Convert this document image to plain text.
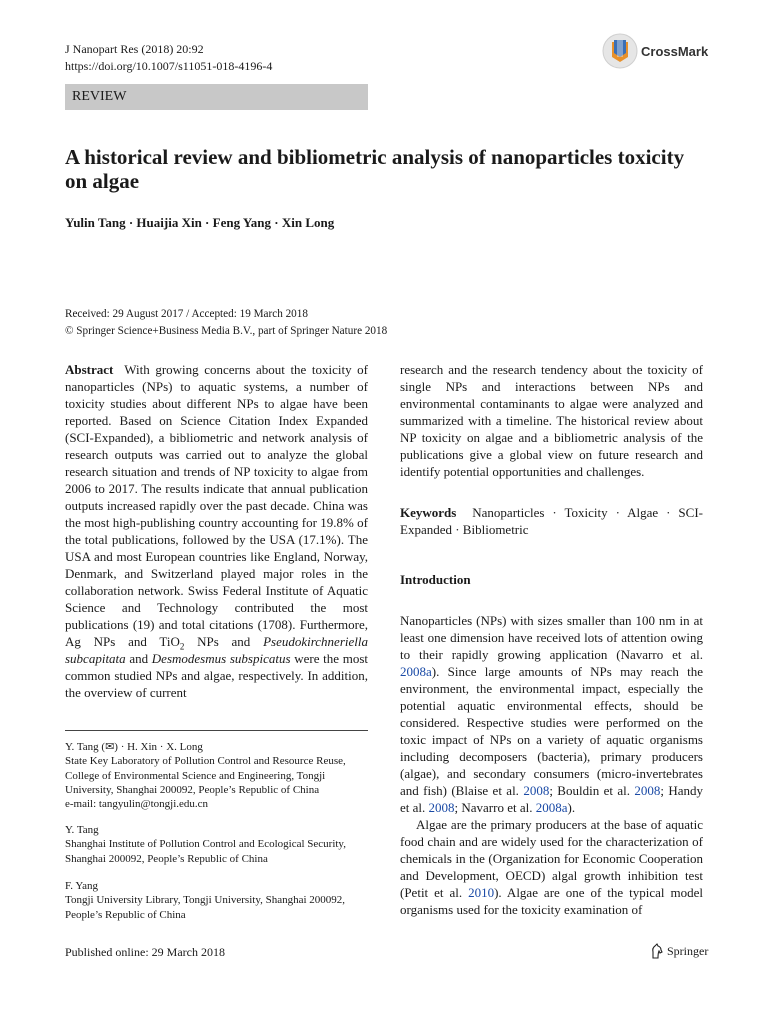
J Nanopart Res (2018) 20:92
https://doi.org/10.1007/s11051-018-4196-4
CrossMark
REVIEW
A historical review and bibliometric analysis of nanoparticles toxicity on algae
Yulin Tang · Huaijia Xin · Feng Yang · Xin Long
Received: 29 August 2017 / Accepted: 19 March 2018
© Springer Science+Business Media B.V., part of Springer Nature 2018

Abstract With growing concerns about the toxicity of nanoparticles (NPs) to aquatic systems, a number of toxicity studies about different NPs to algae have been reported. Based on Science Citation Index Expanded (SCI-Expanded), a bibliometric and network analysis of research outputs was carried out to analyze the global research situation and trends of NP toxicity to algae from 2006 to 2017. The results indicate that annual publication outputs increased rapidly over the past decade. China was the most high-publishing country accounting for 19.8% of the total publications, followed by the USA (17.1%). The USA and most European countries like England, Norway, Denmark, and Switzerland played major roles in the collaboration network. Swiss Federal Institute of Aquatic Science and Technology contributed the most publications (19) and total citations (1708). Furthermore, Ag NPs and TiO$_2$ NPs and Pseudokirchneriella subcapitata and Desmodesmus subspicatus were the most common studied NPs and algae, respectively. In addition, the overview of current

Y. Tang (✉) · H. Xin · X. Long

State Key Laboratory of Pollution Control and Resource Reuse, College of Environmental Science and Engineering, Tongji University, Shanghai 200092, People’s Republic of China

e-mail: tangyulin@tongji.edu.cn

Y. Tang

Shanghai Institute of Pollution Control and Ecological Security, Shanghai 200092, People’s Republic of China

F. Yang

Tongji University Library, Tongji University, Shanghai 200092, People’s Republic of China

research and the research tendency about the toxicity of single NPs and interactions between NPs and environmental contaminants to algae were analyzed and summarized with a timeline. The historical review about NP toxicity on algae and a bibliometric analysis of the publications give a global view on future research and identify potential opportunities and challenges.

Keywords Nanoparticles · Toxicity · Algae · SCI-Expanded · Bibliometric

Introduction

Nanoparticles (NPs) with sizes smaller than 100 nm in at least one dimension have received lots of attention owing to their rapidly growing application (Navarro et al. 2008a). Since large amounts of NPs may reach the environment, the environmental impact, especially the potential aquatic environmental effects, should be considered. Respective studies were performed on the toxic impact of NPs on a variety of aquatic organisms including decomposers (bacteria), primary producers (algae), and secondary consumers (micro-invertebrates and fish) (Blaise et al. 2008; Bouldin et al. 2008; Handy et al. 2008; Navarro et al. 2008a).

Algae are the primary producers at the base of aquatic food chain and are widely used for the characterization of chemicals in the (Organization for Economic Cooperation and Development, OECD) algal growth inhibition test (Petit et al. 2010). Algae are one of the typical model organisms used for the toxicity examination of

Published online: 29 March 2018	Springer
